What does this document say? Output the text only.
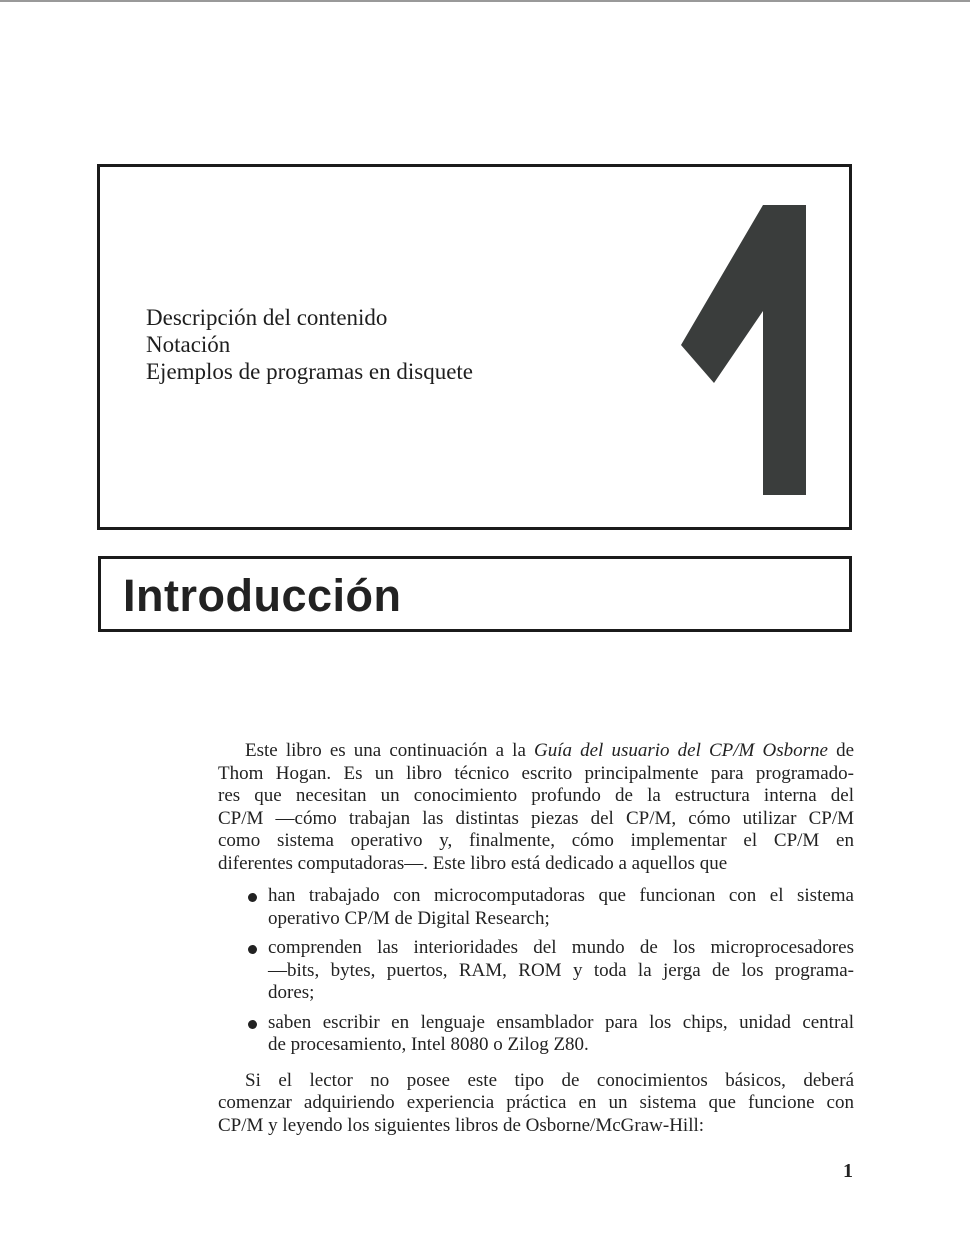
Descripción del contenido
Notación
Ejemplos de programas en disquete
1
Introducción

Este libro es una continuación a la Guía del usuario del CP/M Osborne de
Thom Hogan. Es un libro técnico escrito principalmente para programado-
res que necesitan un conocimiento profundo de la estructura interna del
CP/M —cómo trabajan las distintas piezas del CP/M, cómo utilizar CP/M
como sistema operativo y, finalmente, cómo implementar el CP/M en
diferentes computadoras—. Este libro está dedicado a aquellos que

han trabajado con microcomputadoras que funcionan con el sistema
operativo CP/M de Digital Research;
comprenden las interioridades del mundo de los microprocesadores
—bits, bytes, puertos, RAM, ROM y toda la jerga de los programa-
dores;
saben escribir en lenguaje ensamblador para los chips, unidad central
de procesamiento, Intel 8080 o Zilog Z80.

Si el lector no posee este tipo de conocimientos básicos, deberá
comenzar adquiriendo experiencia práctica en un sistema que funcione con
CP/M y leyendo los siguientes libros de Osborne/McGraw-Hill:

1
